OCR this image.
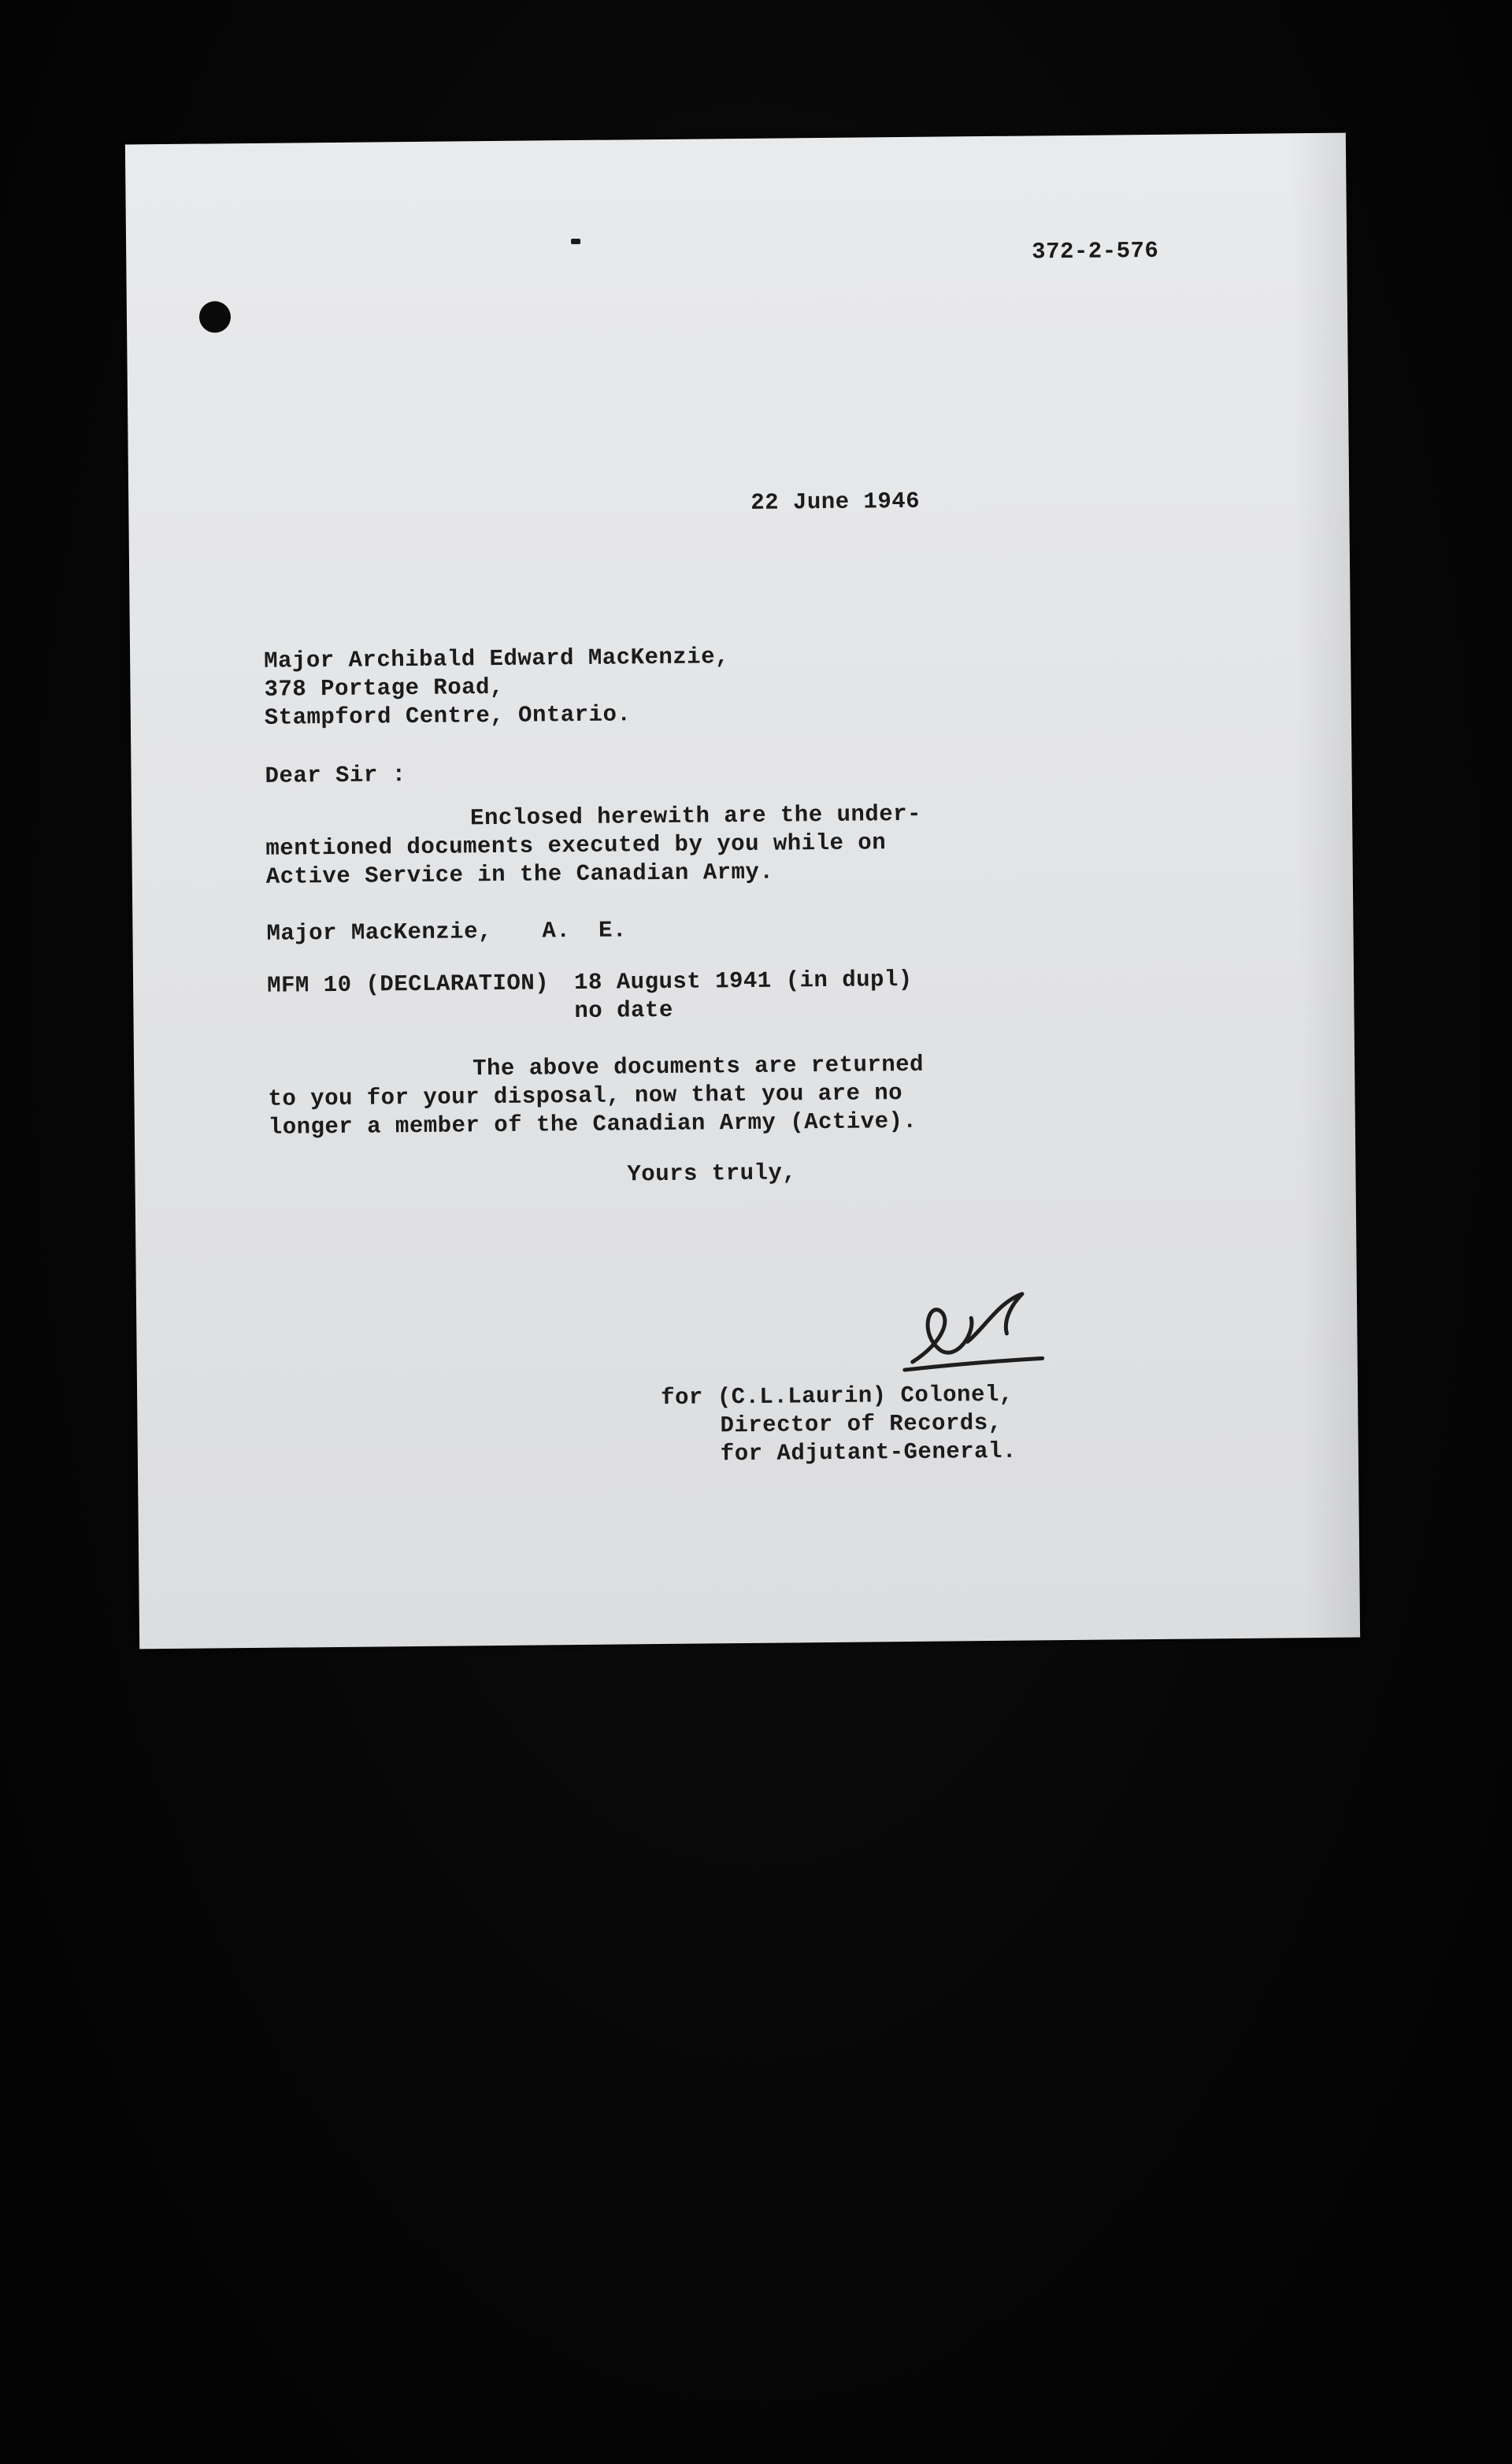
372-2-576
22 June 1946
Major Archibald Edward MacKenzie,
378 Portage Road,
Stampford Centre, Ontario.
Dear Sir :
Enclosed herewith are the under-
mentioned documents executed by you while on
Active Service in the Canadian Army.
Major MacKenzie, A.  E.
MFM 10 (DECLARATION) 18 August 1941 (in dupl)
no date
The above documents are returned
to you for your disposal, now that you are no
longer a member of the Canadian Army (Active).
Yours truly,
for (C.L.Laurin) Colonel,
Director of Records,
for Adjutant-General.
